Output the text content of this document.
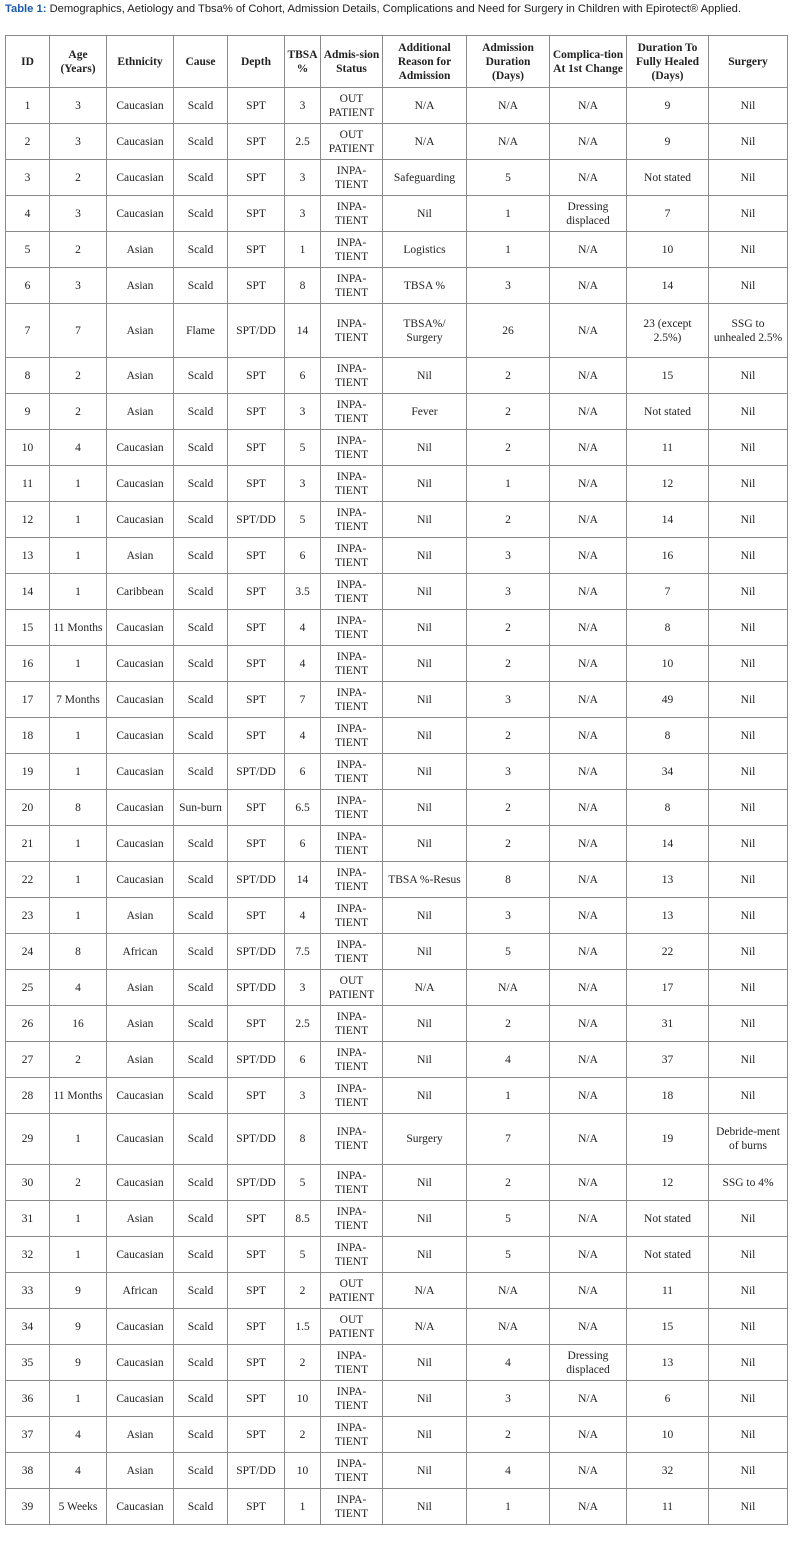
Table 1: Demographics, Aetiology and Tbsa% of Cohort, Admission Details, Complications and Need for Surgery in Children with Epirotect® Applied.
ID	Age (Years)	Ethnicity	Cause	Depth	TBSA %	Admis-sion Status	Additional Reason for Admission	Admission Duration (Days)	Complica-tion At 1st Change	Duration To Fully Healed (Days)	Surgery
1	3	Caucasian	Scald	SPT	3	OUT PATIENT	N/A	N/A	N/A	9	Nil
2	3	Caucasian	Scald	SPT	2.5	OUT PATIENT	N/A	N/A	N/A	9	Nil
3	2	Caucasian	Scald	SPT	3	INPA-TIENT	Safeguarding	5	N/A	Not stated	Nil
4	3	Caucasian	Scald	SPT	3	INPA-TIENT	Nil	1	Dressing displaced	7	Nil
5	2	Asian	Scald	SPT	1	INPA-TIENT	Logistics	1	N/A	10	Nil
6	3	Asian	Scald	SPT	8	INPA-TIENT	TBSA %	3	N/A	14	Nil
7	7	Asian	Flame	SPT/DD	14	INPA-TIENT	TBSA%/ Surgery	26	N/A	23 (except 2.5%)	SSG to unhealed 2.5%
8	2	Asian	Scald	SPT	6	INPA-TIENT	Nil	2	N/A	15	Nil
9	2	Asian	Scald	SPT	3	INPA-TIENT	Fever	2	N/A	Not stated	Nil
10	4	Caucasian	Scald	SPT	5	INPA-TIENT	Nil	2	N/A	11	Nil
11	1	Caucasian	Scald	SPT	3	INPA-TIENT	Nil	1	N/A	12	Nil
12	1	Caucasian	Scald	SPT/DD	5	INPA-TIENT	Nil	2	N/A	14	Nil
13	1	Asian	Scald	SPT	6	INPA-TIENT	Nil	3	N/A	16	Nil
14	1	Caribbean	Scald	SPT	3.5	INPA-TIENT	Nil	3	N/A	7	Nil
15	11 Months	Caucasian	Scald	SPT	4	INPA-TIENT	Nil	2	N/A	8	Nil
16	1	Caucasian	Scald	SPT	4	INPA-TIENT	Nil	2	N/A	10	Nil
17	7 Months	Caucasian	Scald	SPT	7	INPA-TIENT	Nil	3	N/A	49	Nil
18	1	Caucasian	Scald	SPT	4	INPA-TIENT	Nil	2	N/A	8	Nil
19	1	Caucasian	Scald	SPT/DD	6	INPA-TIENT	Nil	3	N/A	34	Nil
20	8	Caucasian	Sun-burn	SPT	6.5	INPA-TIENT	Nil	2	N/A	8	Nil
21	1	Caucasian	Scald	SPT	6	INPA-TIENT	Nil	2	N/A	14	Nil
22	1	Caucasian	Scald	SPT/DD	14	INPA-TIENT	TBSA %-Resus	8	N/A	13	Nil
23	1	Asian	Scald	SPT	4	INPA-TIENT	Nil	3	N/A	13	Nil
24	8	African	Scald	SPT/DD	7.5	INPA-TIENT	Nil	5	N/A	22	Nil
25	4	Asian	Scald	SPT/DD	3	OUT PATIENT	N/A	N/A	N/A	17	Nil
26	16	Asian	Scald	SPT	2.5	INPA-TIENT	Nil	2	N/A	31	Nil
27	2	Asian	Scald	SPT/DD	6	INPA-TIENT	Nil	4	N/A	37	Nil
28	11 Months	Caucasian	Scald	SPT	3	INPA-TIENT	Nil	1	N/A	18	Nil
29	1	Caucasian	Scald	SPT/DD	8	INPA-TIENT	Surgery	7	N/A	19	Debride-ment of burns
30	2	Caucasian	Scald	SPT/DD	5	INPA-TIENT	Nil	2	N/A	12	SSG to 4%
31	1	Asian	Scald	SPT	8.5	INPA-TIENT	Nil	5	N/A	Not stated	Nil
32	1	Caucasian	Scald	SPT	5	INPA-TIENT	Nil	5	N/A	Not stated	Nil
33	9	African	Scald	SPT	2	OUT PATIENT	N/A	N/A	N/A	11	Nil
34	9	Caucasian	Scald	SPT	1.5	OUT PATIENT	N/A	N/A	N/A	15	Nil
35	9	Caucasian	Scald	SPT	2	INPA-TIENT	Nil	4	Dressing displaced	13	Nil
36	1	Caucasian	Scald	SPT	10	INPA-TIENT	Nil	3	N/A	6	Nil
37	4	Asian	Scald	SPT	2	INPA-TIENT	Nil	2	N/A	10	Nil
38	4	Asian	Scald	SPT/DD	10	INPA-TIENT	Nil	4	N/A	32	Nil
39	5 Weeks	Caucasian	Scald	SPT	1	INPA-TIENT	Nil	1	N/A	11	Nil
